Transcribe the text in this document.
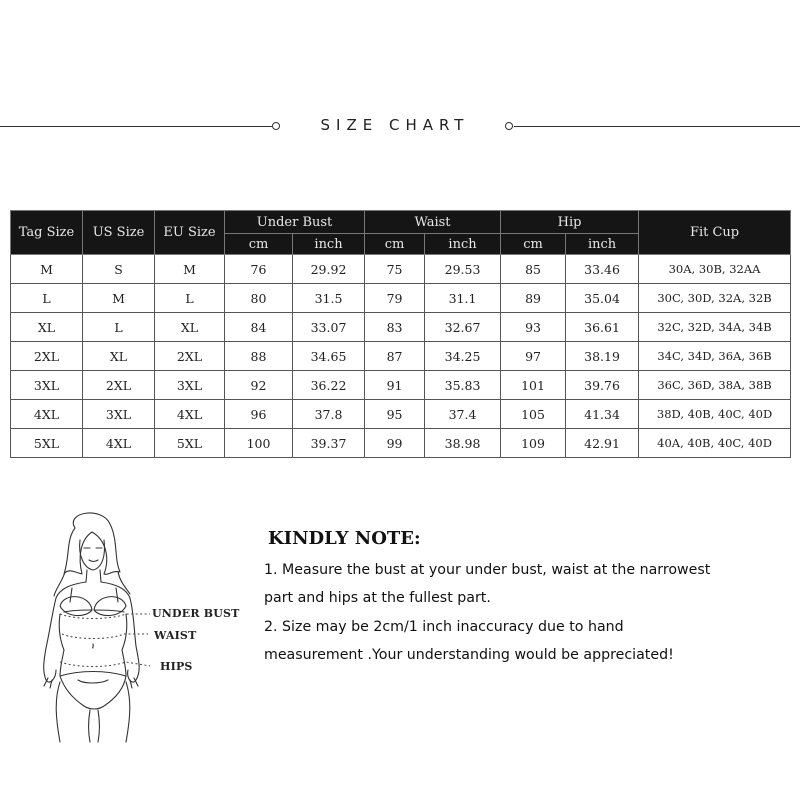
SIZE CHART
Tag Size	US Size	EU Size	Under Bust		Waist		Hip		Fit Cup
			cm	inch	cm	inch	cm	inch	
M	S	M	76	29.92	75	29.53	85	33.46	30A, 30B, 32AA
L	M	L	80	31.5	79	31.1	89	35.04	30C, 30D, 32A, 32B
XL	L	XL	84	33.07	83	32.67	93	36.61	32C, 32D, 34A, 34B
2XL	XL	2XL	88	34.65	87	34.25	97	38.19	34C, 34D, 36A, 36B
3XL	2XL	3XL	92	36.22	91	35.83	101	39.76	36C, 36D, 38A, 38B
4XL	3XL	4XL	96	37.8	95	37.4	105	41.34	38D, 40B, 40C, 40D
5XL	4XL	5XL	100	39.37	99	38.98	109	42.91	40A, 40B, 40C, 40D
UNDER BUST
WAIST
HIPS
KINDLY NOTE:
1. Measure the bust at your under bust, waist at the narrowest
part and hips at the fullest part.
2. Size may be 2cm/1 inch inaccuracy due to hand
measurement .Your understanding would be appreciated!
